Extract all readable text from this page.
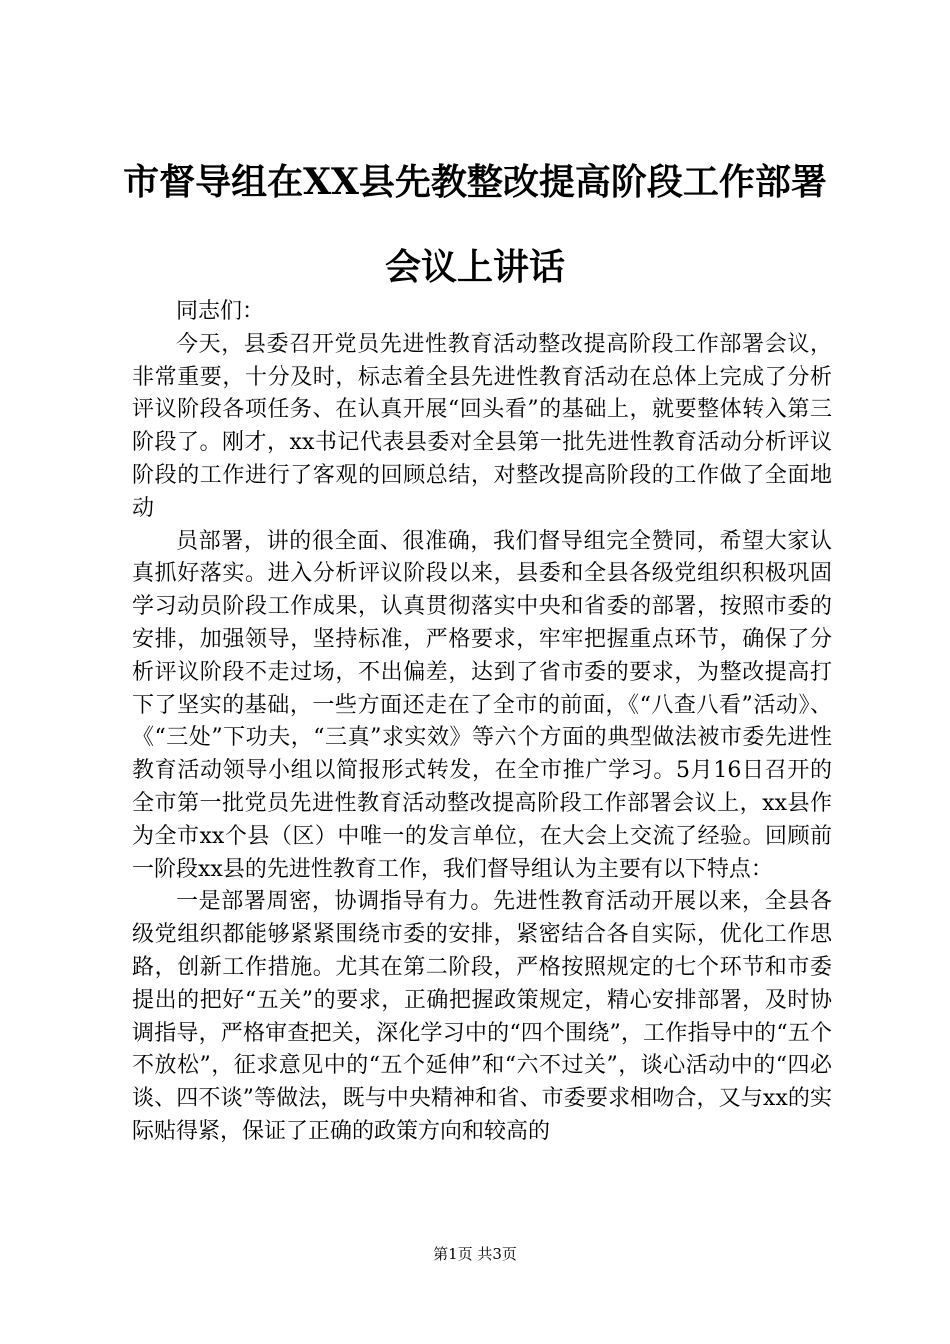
市督导组在XX县先教整改提高阶段工作部署
会议上讲话

同志们：

今天，县委召开党员先进性教育活动整改提高阶段工作部署会议，非常重要，十分及时，标志着全县先进性教育活动在总体上完成了分析评议阶段各项任务、在认真开展“回头看”的基础上，就要整体转入第三阶段了。刚才，xx书记代表县委对全县第一批先进性教育活动分析评议阶段的工作进行了客观的回顾总结，对整改提高阶段的工作做了全面地动

员部署，讲的很全面、很准确，我们督导组完全赞同，希望大家认真抓好落实。进入分析评议阶段以来，县委和全县各级党组织积极巩固学习动员阶段工作成果，认真贯彻落实中央和省委的部署，按照市委的安排，加强领导，坚持标准，严格要求，牢牢把握重点环节，确保了分析评议阶段不走过场，不出偏差，达到了省市委的要求，为整改提高打下了坚实的基础，一些方面还走在了全市的前面，《“八查八看”活动》、《“三处”下功夫，“三真”求实效》等六个方面的典型做法被市委先进性教育活动领导小组以简报形式转发，在全市推广学习。5月16日召开的全市第一批党员先进性教育活动整改提高阶段工作部署会议上，xx县作为全市xx个县（区）中唯一的发言单位，在大会上交流了经验。回顾前一阶段xx县的先进性教育工作，我们督导组认为主要有以下特点：

一是部署周密，协调指导有力。先进性教育活动开展以来，全县各级党组织都能够紧紧围绕市委的安排，紧密结合各自实际，优化工作思路，创新工作措施。尤其在第二阶段，严格按照规定的七个环节和市委提出的把好“五关”的要求，正确把握政策规定，精心安排部署，及时协调指导，严格审查把关，深化学习中的“四个围绕”，工作指导中的“五个不放松”，征求意见中的“五个延伸”和“六不过关”，谈心活动中的“四必谈、四不谈”等做法，既与中央精神和省、市委要求相吻合，又与xx的实际贴得紧，保证了正确的政策方向和较高的

第1页 共3页
